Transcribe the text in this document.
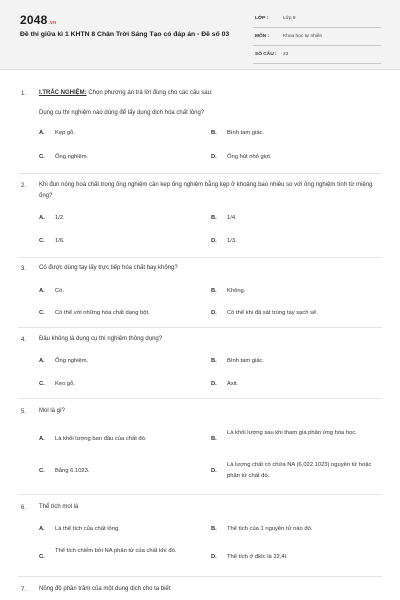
2048.vn
Đề thi giữa kì 1 KHTN 8 Chân Trời Sáng Tạo có đáp án - Đề số 03
LỚP :	Lớp 8
MÔN :	Khoa học tự nhiên
SỐ CÂU : 23
1. I.TRẮC NGHIỆM: Chọn phương án trả lời đúng cho các câu sau:
Dụng cụ thí nghiệm nào dùng để lấy dung dịch hóa chất lỏng?
A. Kẹp gỗ.	B. Bình tam giác.
C. Ống nghiệm.	D. Ống hút nhỏ giọt.
2. Khi đun nóng hoá chất trong ống nghiệm cần kẹp ống nghiệm bằng kẹp ở khoảng bao nhiêu so với ống nghiệm tính từ miệng ống?
A. 1/2.	B. 1/4.
C. 1/6.	D. 1/3.
3. Có được dùng tay lấy trực tiếp hóa chất hay không?
A. Có.	B. Không.
C. Có thể với những hóa chất dạng bột.	D. Có thể khi đã sát trùng tay sạch sẽ.
4. Đâu không là dụng cụ thí nghiệm thông dụng?
A. Ống nghiệm.	B. Bình tam giác.
C. Kẹo gỗ.	D. Axit.
5. Mol là gì?
A. Là khối lượng ban đầu của chất đó.	B.
Là khối lượng sau khi tham gia phản ứng hóa học.
C. Bằng 6.1023.	D.
Là lượng chất có chứa NA (6,022.1023) nguyên tử hoặc phân tử chất đó.
6. Thể tích mol là
A. Là thể tích của chất lỏng.	B. Thể tích của 1 nguyên tử nào đó.
C.
Thể tích chiếm bởi NA phân tử của chất khí đó.
D. Thể tích ở đktc là 22,4l.
7. Nồng độ phần trăm của một dung dịch cho ta biết
